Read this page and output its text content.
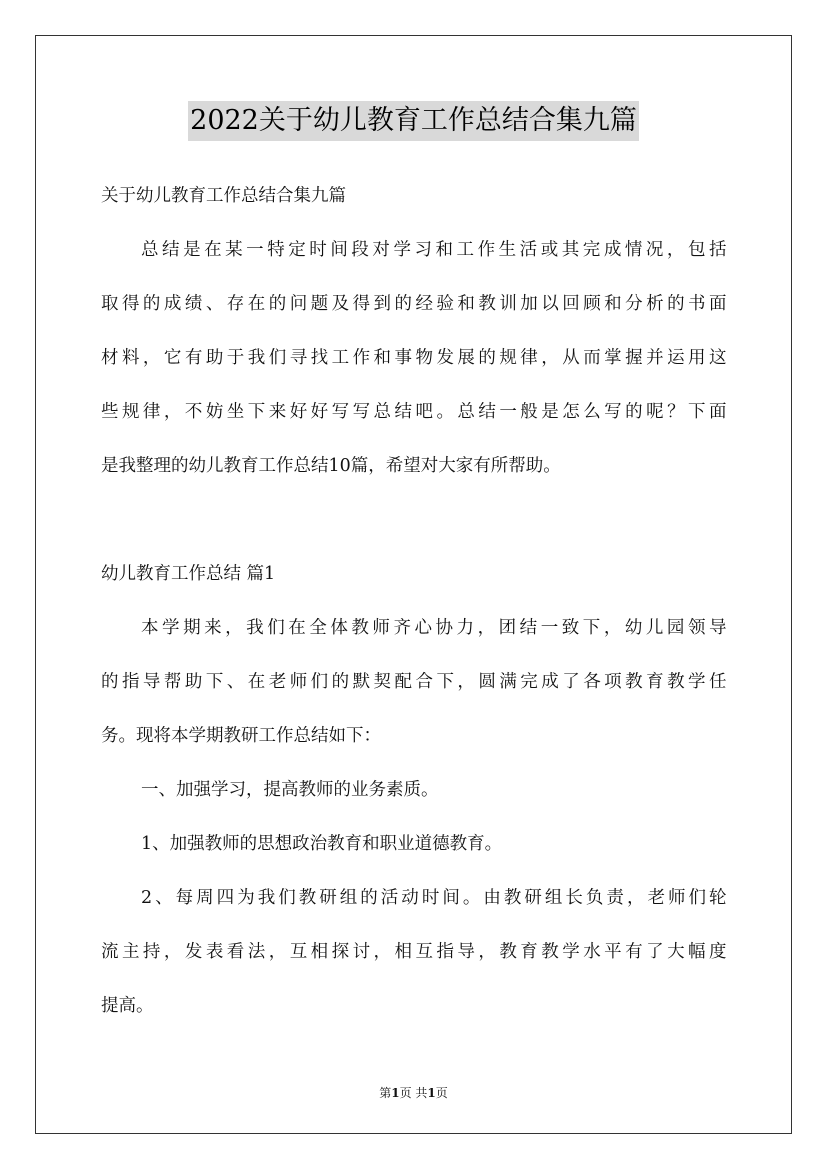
2022关于幼儿教育工作总结合集九篇
关于幼儿教育工作总结合集九篇
总结是在某一特定时间段对学习和工作生活或其完成情况，包括
取得的成绩、存在的问题及得到的经验和教训加以回顾和分析的书面
材料，它有助于我们寻找工作和事物发展的规律，从而掌握并运用这
些规律，不妨坐下来好好写写总结吧。总结一般是怎么写的呢？下面
是我整理的幼儿教育工作总结10篇，希望对大家有所帮助。
幼儿教育工作总结 篇1
本学期来，我们在全体教师齐心协力，团结一致下，幼儿园领导
的指导帮助下、在老师们的默契配合下，圆满完成了各项教育教学任
务。现将本学期教研工作总结如下：
一、加强学习，提高教师的业务素质。
1、加强教师的思想政治教育和职业道德教育。
2、每周四为我们教研组的活动时间。由教研组长负责，老师们轮
流主持，发表看法，互相探讨，相互指导，教育教学水平有了大幅度
提高。
第1页 共1页
